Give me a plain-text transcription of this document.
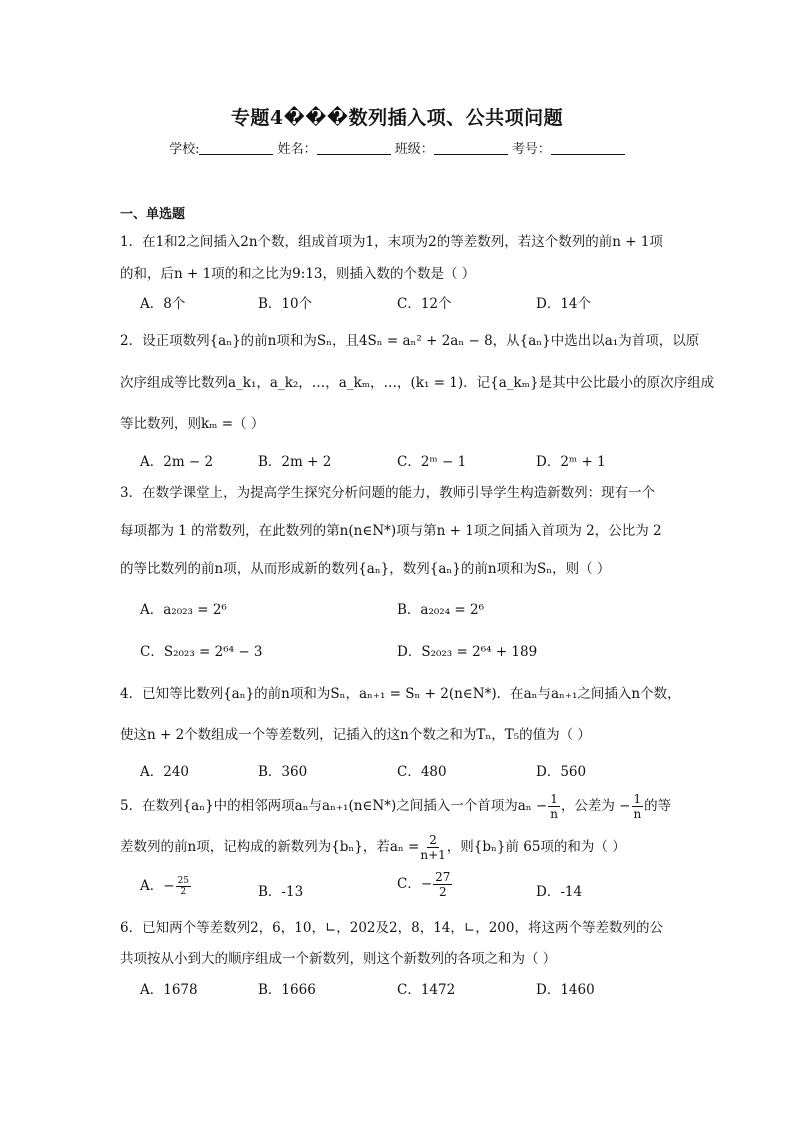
专题4���数列插入项、公共项问题
学校:	姓名：	班级：	考号：
一、单选题
1．在1和2之间插入2n个数，组成首项为1，末项为2的等差数列，若这个数列的前n + 1项
的和，后n + 1项的和之比为9:13，则插入数的个数是（ ）
A．8个	B．10个	C．12个	D．14个
2．设正项数列{aₙ}的前n项和为Sₙ，且4Sₙ = aₙ² + 2aₙ − 8，从{aₙ}中选出以a₁为首项，以原
次序组成等比数列a_k₁，a_k₂，…，a_kₘ，…，(k₁ = 1)．记{a_kₘ}是其中公比最小的原次序组成
等比数列，则kₘ =（ ）
A．2m − 2	B．2m + 2	C．2ᵐ − 1	D．2ᵐ + 1
3．在数学课堂上，为提高学生探究分析问题的能力，教师引导学生构造新数列：现有一个
每项都为 1 的常数列，在此数列的第n(n∈N*)项与第n + 1项之间插入首项为 2，公比为 2
的等比数列的前n项，从而形成新的数列{aₙ}，数列{aₙ}的前n项和为Sₙ，则（ ）
A．a₂₀₂₃ = 2⁶	B．a₂₀₂₄ = 2⁶
C．S₂₀₂₃ = 2⁶⁴ − 3	D．S₂₀₂₃ = 2⁶⁴ + 189
4．已知等比数列{aₙ}的前n项和为Sₙ，aₙ₊₁ = Sₙ + 2(n∈N*)．在aₙ与aₙ₊₁之间插入n个数，
使这n + 2个数组成一个等差数列，记插入的这n个数之和为Tₙ，T₅的值为（ ）
A．240	B．360	C．480	D．560
5．在数列{aₙ}中的相邻两项aₙ与aₙ₊₁(n∈N*)之间插入一个首项为$a_n - \frac{1}{n}$ ，公差为 − $\frac{1}{n}$ 的等
差数列的前n项，记构成的新数列为{bₙ}，若$a_n = \frac{2}{n+1}$ ，则{bₙ}前 65项的和为（ ）
A．− $\frac{25}{2}$	B．-13	C．− $\frac{27}{2}$	D．-14
6．已知两个等差数列2，6，10，∟，202及2，8，14，∟，200，将这两个等差数列的公
共项按从小到大的顺序组成一个新数列，则这个新数列的各项之和为（ ）
A．1678	B．1666	C．1472	D．1460
